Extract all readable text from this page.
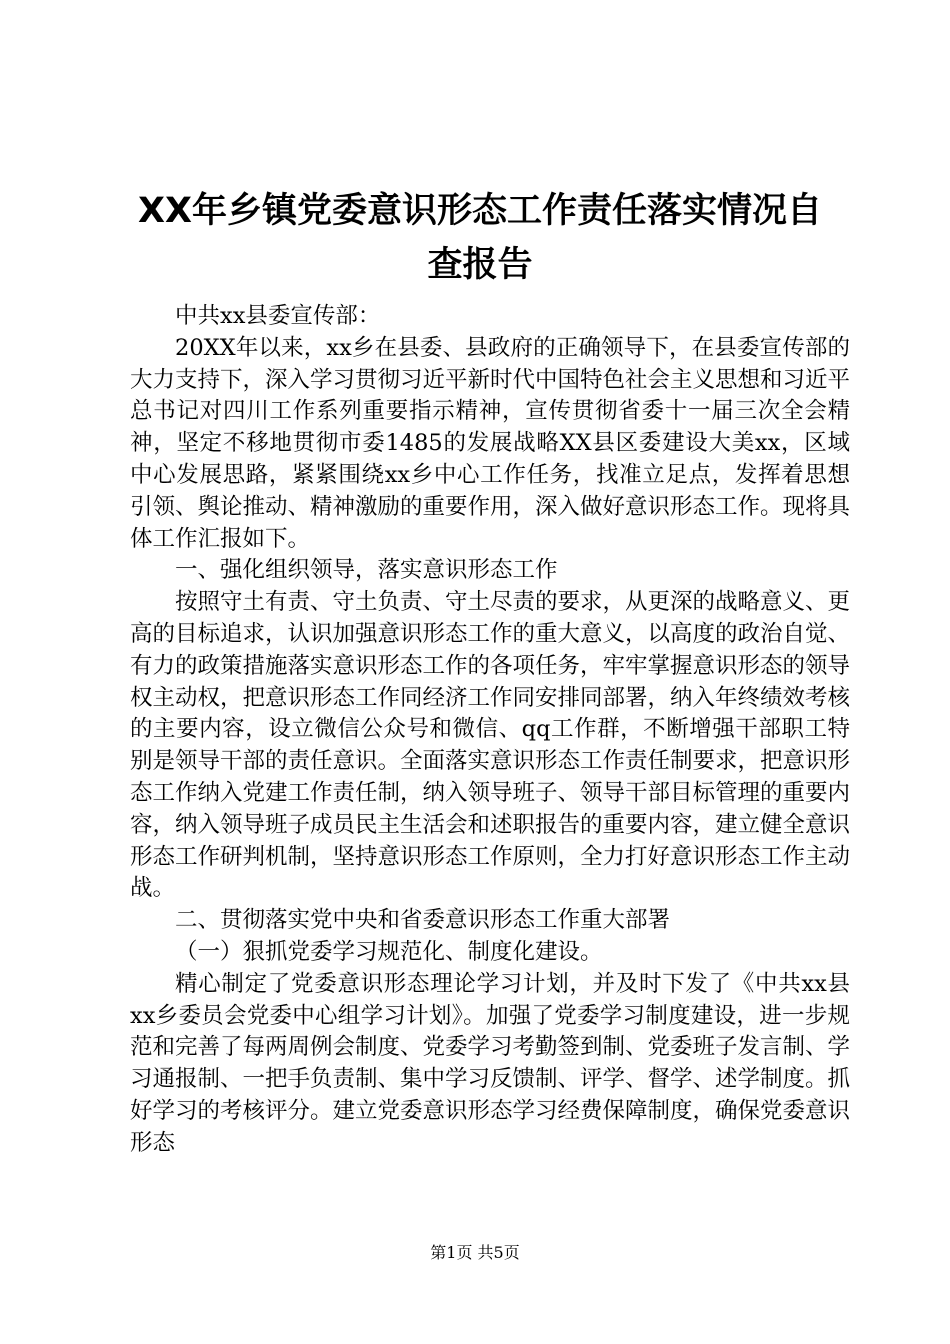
XX年乡镇党委意识形态工作责任落实情况自
查报告

中共xx县委宣传部：

20XX年以来，xx乡在县委、县政府的正确领导下，在县委宣传部的大力支持下，深入学习贯彻习近平新时代中国特色社会主义思想和习近平总书记对四川工作系列重要指示精神，宣传贯彻省委十一届三次全会精神，坚定不移地贯彻市委1485的发展战略XX县区委建设大美xx，区域中心发展思路，紧紧围绕xx乡中心工作任务，找准立足点，发挥着思想引领、舆论推动、精神激励的重要作用，深入做好意识形态工作。现将具体工作汇报如下。

一、强化组织领导，落实意识形态工作

按照守土有责、守土负责、守土尽责的要求，从更深的战略意义、更高的目标追求，认识加强意识形态工作的重大意义，以高度的政治自觉、有力的政策措施落实意识形态工作的各项任务，牢牢掌握意识形态的领导权主动权，把意识形态工作同经济工作同安排同部署，纳入年终绩效考核的主要内容，设立微信公众号和微信、qq工作群，不断增强干部职工特别是领导干部的责任意识。全面落实意识形态工作责任制要求，把意识形态工作纳入党建工作责任制，纳入领导班子、领导干部目标管理的重要内容，纳入领导班子成员民主生活会和述职报告的重要内容，建立健全意识形态工作研判机制，坚持意识形态工作原则，全力打好意识形态工作主动战。

二、贯彻落实党中央和省委意识形态工作重大部署

（一）狠抓党委学习规范化、制度化建设。

精心制定了党委意识形态理论学习计划，并及时下发了《中共xx县xx乡委员会党委中心组学习计划》。加强了党委学习制度建设，进一步规范和完善了每两周例会制度、党委学习考勤签到制、党委班子发言制、学习通报制、一把手负责制、集中学习反馈制、评学、督学、述学制度。抓好学习的考核评分。建立党委意识形态学习经费保障制度，确保党委意识形态

第1页 共5页
